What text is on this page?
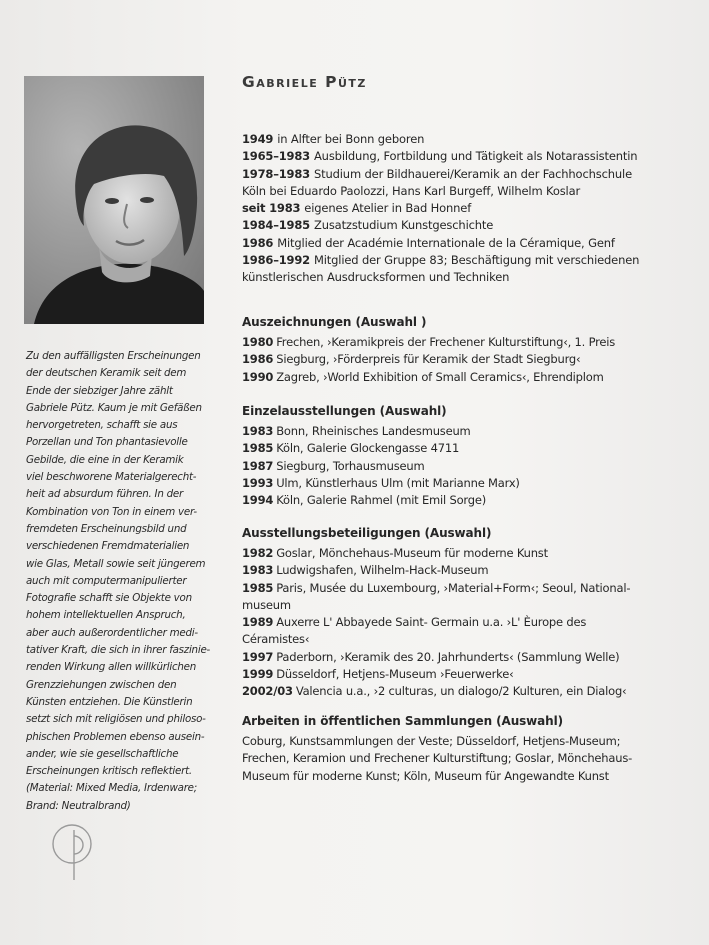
Gabriele Pütz

Zu den auffälligsten Erscheinungen
der deutschen Keramik seit dem
Ende der siebziger Jahre zählt
Gabriele Pütz. Kaum je mit Gefäßen
hervorgetreten, schafft sie aus
Porzellan und Ton phantasievolle
Gebilde, die eine in der Keramik
viel beschworene Materialgerecht-
heit ad absurdum führen. In der
Kombination von Ton in einem ver-
fremdeten Erscheinungsbild und
verschiedenen Fremdmaterialien
wie Glas, Metall sowie seit jüngerem
auch mit computermanipulierter
Fotografie schafft sie Objekte von
hohem intellektuellen Anspruch,
aber auch außerordentlicher medi-
tativer Kraft, die sich in ihrer faszinie-
renden Wirkung allen willkürlichen
Grenzziehungen zwischen den
Künsten entziehen. Die Künstlerin
setzt sich mit religiösen und philoso-
phischen Problemen ebenso ausein-
ander, wie sie gesellschaftliche
Erscheinungen kritisch reflektiert.
(Material: Mixed Media, Irdenware;
Brand: Neutralbrand)

1949 in Alfter bei Bonn geboren
1965–1983 Ausbildung, Fortbildung und Tätigkeit als Notarassistentin
1978–1983 Studium der Bildhauerei/Keramik an der Fachhochschule
Köln bei Eduardo Paolozzi, Hans Karl Burgeff, Wilhelm Koslar
seit 1983 eigenes Atelier in Bad Honnef
1984–1985 Zusatzstudium Kunstgeschichte
1986 Mitglied der Académie Internationale de la Céramique, Genf
1986–1992 Mitglied der Gruppe 83; Beschäftigung mit verschiedenen
künstlerischen Ausdrucksformen und Techniken
Auszeichnungen (Auswahl )
1980 Frechen, ›Keramikpreis der Frechener Kulturstiftung‹, 1. Preis
1986 Siegburg, ›Förderpreis für Keramik der Stadt Siegburg‹
1990 Zagreb, ›World Exhibition of Small Ceramics‹, Ehrendiplom
Einzelausstellungen (Auswahl)
1983 Bonn, Rheinisches Landesmuseum
1985 Köln, Galerie Glockengasse 4711
1987 Siegburg, Torhausmuseum
1993 Ulm, Künstlerhaus Ulm (mit Marianne Marx)
1994 Köln, Galerie Rahmel (mit Emil Sorge)
Ausstellungsbeteiligungen (Auswahl)
1982 Goslar, Mönchehaus-Museum für moderne Kunst
1983 Ludwigshafen, Wilhelm-Hack-Museum
1985 Paris, Musée du Luxembourg, ›Material+Form‹; Seoul, National-
museum
1989 Auxerre L' Abbayede Saint- Germain u.a. ›L' Èurope des
Céramistes‹
1997 Paderborn, ›Keramik des 20. Jahrhunderts‹ (Sammlung Welle)
1999 Düsseldorf, Hetjens-Museum ›Feuerwerke‹
2002/03 Valencia u.a., ›2 culturas, un dialogo/2 Kulturen, ein Dialog‹
Arbeiten in öffentlichen Sammlungen (Auswahl)
Coburg, Kunstsammlungen der Veste; Düsseldorf, Hetjens-Museum;
Frechen, Keramion und Frechener Kulturstiftung; Goslar, Mönchehaus-
Museum für moderne Kunst; Köln, Museum für Angewandte Kunst
